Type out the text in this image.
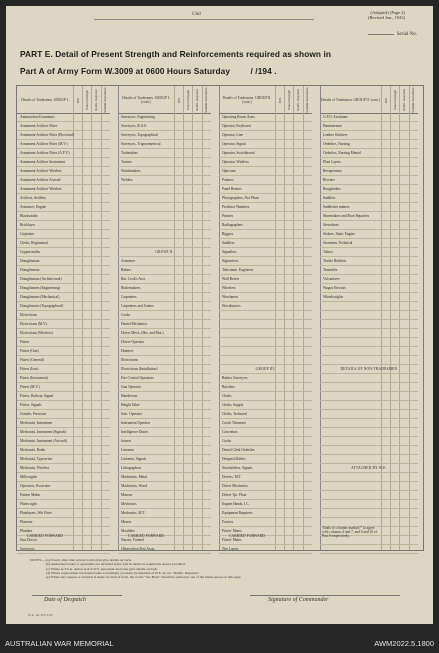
Unit	(Adapted) (Page 2)
(Revised Jan., 1943)
Serial No.
PART E. Detail of Present Strength and Reinforcements required as shown in
Part A of Army Form W.3009 at 0600 Hours Saturday / /194 .
Details of Tradesmen. GROUP I.	W.E. Posted Strength Reinfs. Required Suitable Substitutes
Ammunition Examiners
Armament Artificer Fitter
Armament Artificer Fitter (Electrical)
Armament Artificer Fitter (M.V.)
Armament Artificer Fitter (A.F.V.)
Armament Artificer Instrument
Armament Artificer Wireless
Armament Artificer Aircraft
Armament Artificer Wireless
Artificer, Artillery
Armourer, Engine
Blacksmiths
Bricklayer
Carpenter
Clerks, Regimental
Coppersmiths
Draughtsman
Draughtsman
Draughtsman (Architectural)
Draughtsmen (Engineering)
Draughtsmen (Mechanical)
Draughtsmen (Topographical)
Electricians
Electricians (M.V.)
Electricians (Wireless)
Fitters
Fitters (Gun)
Fitters (General)
Fitters (Iron)
Fitters (Instrument)
Fitters (M.V.)
Fitters, Railway Signal
Fitters, Signals
Grinder, Precision
Mechanist, Instrument
Mechanist, Instrument (Signals)
Mechanist, Instrument (Aircraft)
Mechanist, Radio
Mechanist, Typewriter
Mechanist, Wireless
Millwrights
Operators, Excavator
Pattern Maker
Platewright
Platelayers, Wet Fitter
Plasterer
Plumber
Saw Doctor
Surveyors
Details of Tradesmen. GROUP I. (cont.)	W.E. Posted Strength Reinfs. Required Suitable Substitutes
Surveyors, Engineering
Surveyors, R.A.S.
Surveyors, Topographical
Surveyors, Trigonometrical
Toolmakers
Turners
Watchmakers
Welders
GROUP II.
Armourer
Bakers
Bat. Cook's Asst.
Boilermakers
Carpenters
Carpenters and Joiners
Cooks
Dental Mechanics
Driver Mech. (Hrs. and Mot.)
Driver-Operator
Drainers
Electricians
Electricians (Installation)
Fire Control Operators
Gun Operator
Hairdresser
Height Taker
Instr. Operator
Instrument Operator
Intelligence Duties
Joiners
Linemen
Linemen, Signals
Lithographers
Machinists, Metal
Machinists, Wood
Masons
Mechanics
Mechanics, M.T.
Miners
Moulders
Nurses, Trained
Observation Post Assts.
Details of Tradesmen. GROUP II. (cont.)	W.E. Posted Strength Reinfs. Required Suitable Substitutes
Operating Room Assts.
Operator, Keyboard
Operator, Line
Operator, Signal
Operator, Switchboard
Operator, Wireless
Opticians
Painters
Panel Beaters
Photographers, Not Photo
Predictor Numbers
Printers
Radiographers
Riggers
Saddlers
Signallers
Signwriters
Telecomm. Engineers
Wall Borers
Wheelers
Winchmen
Woodturners
GROUP III.
Bakers Surveyors
Butchers
Clerks
Clerks, Supply
Clerks, Technical
Coach Trimmers
Concretors
Cooks
Dental Clerk Orderlies
Despatch Riders
Storeholders, Signals
Drivers, M.T.
Driver Mechanics
Driver Tpt. Float
Engine Hands, I.C.
Equipment Repairers
Farriers
Fitters' Mates
Fitters' Mates
Tire Layers
Details of Tradesmen. GROUP II. (cont.) W.E. Posted Strength Reinfs. Required Suitable Substitutes
G.P.O. Assistants
Hammermen
Leather Stitchers
Orderlies, Nursing
Orderlies, Nursing Mental
Plate Layers
Recuperators
Riveters
Roughriders
Saddlers
Saddletree makers
Shoemakers and Boot Repairers
Stevedores
Stokers, Static Engine
Storemen, Technical
Tailors
Textile Refitters
Tinsmiths
Vulcanisers
Wagon Erectors
Wheelwrights
DETAILS OF NON-TRADESMEN
ATTACHED BY W.E.
CARRIED FORWARD	CARRIED FORWARD	CARRIED FORWARD
Totals of columns marked * to agree with columns 4 and 7, and 6 and 10 of Part A respectively.
NOTES.—(a) If such other than private is involved give details on back.
(b) Authorised trades or specialists not included in list will be added as required in spaces provided.
(c) Where A.T.S.A. and/or A.A.S.W.S. personnel are borne give details on back.
(d) Where replacement not desired state accordingly on return by insertion of W.E. in col. "Reinfs. Required."
(e) Where any request or notation is made on back of form, the words "See Back" should be written in one of the blank spaces on this page.
Date of Despatch	Signature of Commander
(L.R. 34e 53/E 2/32)
AUSTRALIAN WAR MEMORIAL	AWM2022.5.1800
